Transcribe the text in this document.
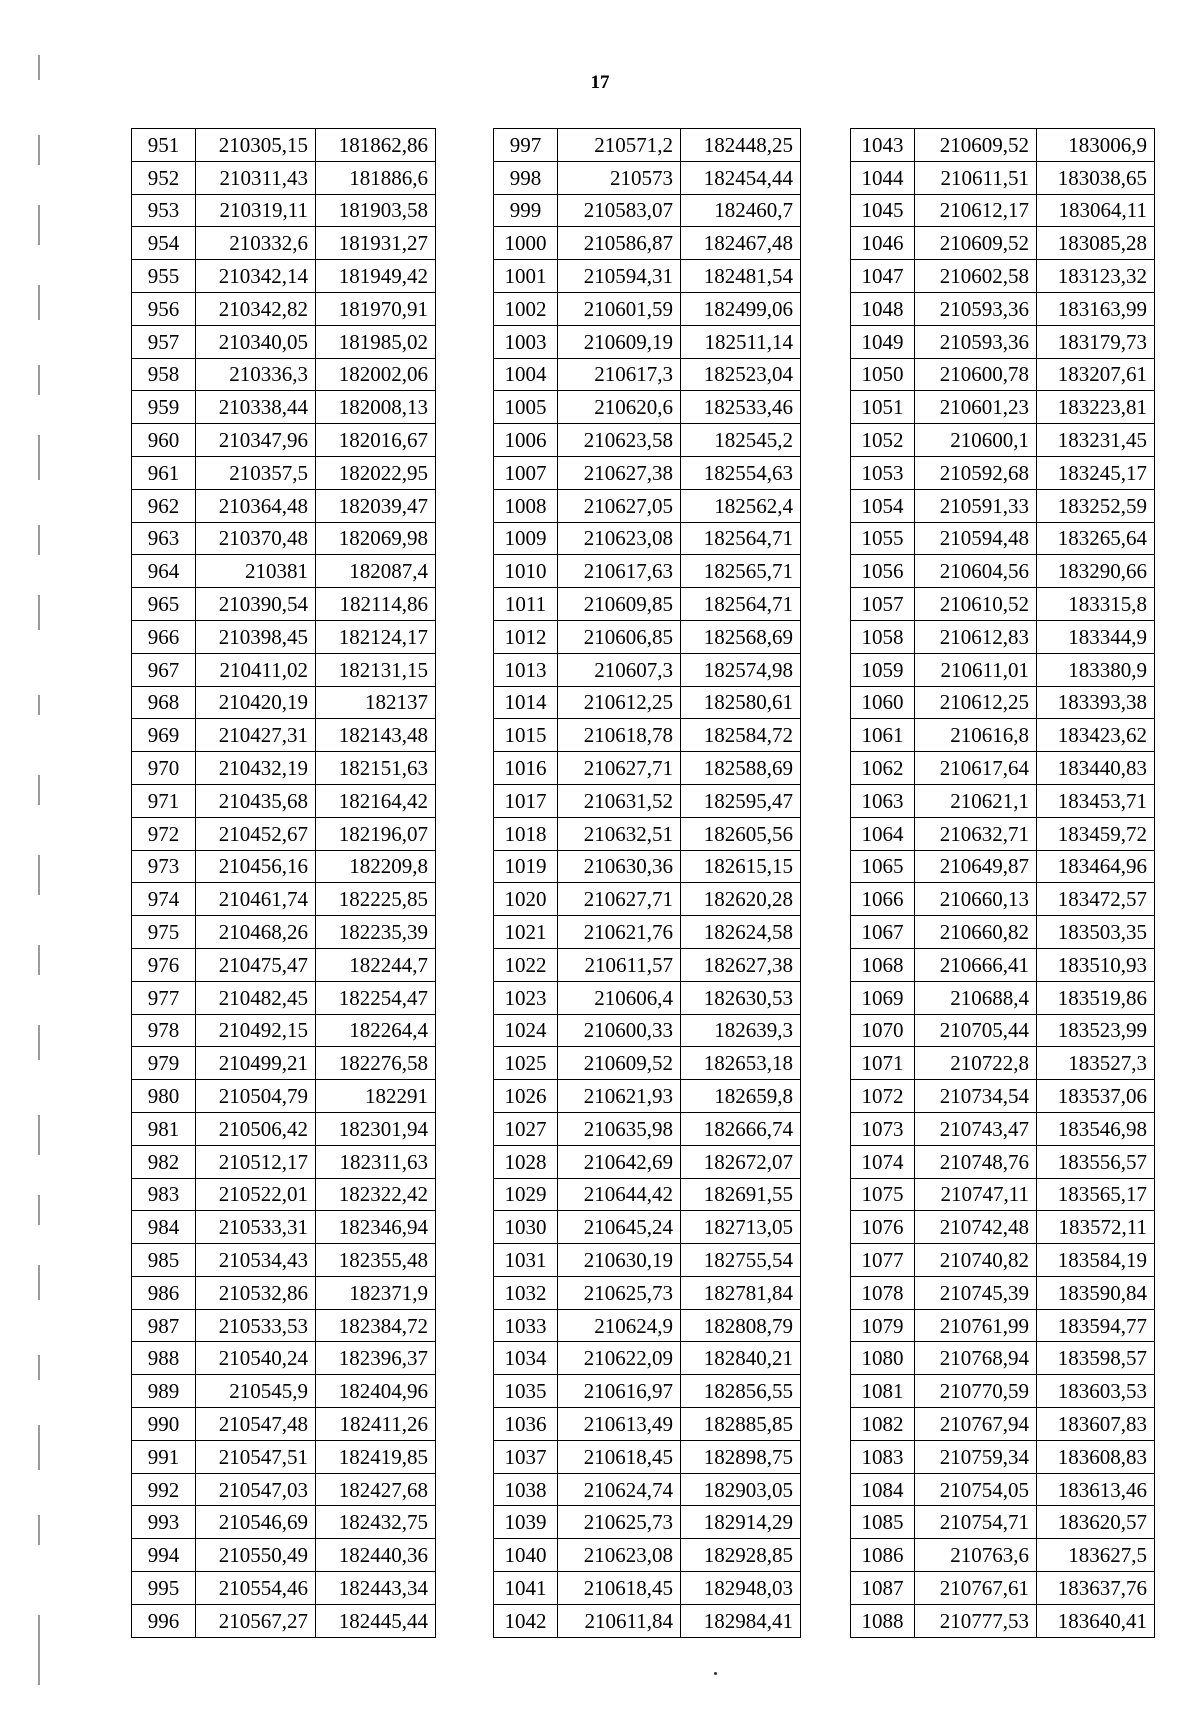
17
951	210305,15	181862,86
952	210311,43	181886,6
953	210319,11	181903,58
954	210332,6	181931,27
955	210342,14	181949,42
956	210342,82	181970,91
957	210340,05	181985,02
958	210336,3	182002,06
959	210338,44	182008,13
960	210347,96	182016,67
961	210357,5	182022,95
962	210364,48	182039,47
963	210370,48	182069,98
964	210381	182087,4
965	210390,54	182114,86
966	210398,45	182124,17
967	210411,02	182131,15
968	210420,19	182137
969	210427,31	182143,48
970	210432,19	182151,63
971	210435,68	182164,42
972	210452,67	182196,07
973	210456,16	182209,8
974	210461,74	182225,85
975	210468,26	182235,39
976	210475,47	182244,7
977	210482,45	182254,47
978	210492,15	182264,4
979	210499,21	182276,58
980	210504,79	182291
981	210506,42	182301,94
982	210512,17	182311,63
983	210522,01	182322,42
984	210533,31	182346,94
985	210534,43	182355,48
986	210532,86	182371,9
987	210533,53	182384,72
988	210540,24	182396,37
989	210545,9	182404,96
990	210547,48	182411,26
991	210547,51	182419,85
992	210547,03	182427,68
993	210546,69	182432,75
994	210550,49	182440,36
995	210554,46	182443,34
996	210567,27	182445,44
997	210571,2	182448,25
998	210573	182454,44
999	210583,07	182460,7
1000	210586,87	182467,48
1001	210594,31	182481,54
1002	210601,59	182499,06
1003	210609,19	182511,14
1004	210617,3	182523,04
1005	210620,6	182533,46
1006	210623,58	182545,2
1007	210627,38	182554,63
1008	210627,05	182562,4
1009	210623,08	182564,71
1010	210617,63	182565,71
1011	210609,85	182564,71
1012	210606,85	182568,69
1013	210607,3	182574,98
1014	210612,25	182580,61
1015	210618,78	182584,72
1016	210627,71	182588,69
1017	210631,52	182595,47
1018	210632,51	182605,56
1019	210630,36	182615,15
1020	210627,71	182620,28
1021	210621,76	182624,58
1022	210611,57	182627,38
1023	210606,4	182630,53
1024	210600,33	182639,3
1025	210609,52	182653,18
1026	210621,93	182659,8
1027	210635,98	182666,74
1028	210642,69	182672,07
1029	210644,42	182691,55
1030	210645,24	182713,05
1031	210630,19	182755,54
1032	210625,73	182781,84
1033	210624,9	182808,79
1034	210622,09	182840,21
1035	210616,97	182856,55
1036	210613,49	182885,85
1037	210618,45	182898,75
1038	210624,74	182903,05
1039	210625,73	182914,29
1040	210623,08	182928,85
1041	210618,45	182948,03
1042	210611,84	182984,41
1043	210609,52	183006,9
1044	210611,51	183038,65
1045	210612,17	183064,11
1046	210609,52	183085,28
1047	210602,58	183123,32
1048	210593,36	183163,99
1049	210593,36	183179,73
1050	210600,78	183207,61
1051	210601,23	183223,81
1052	210600,1	183231,45
1053	210592,68	183245,17
1054	210591,33	183252,59
1055	210594,48	183265,64
1056	210604,56	183290,66
1057	210610,52	183315,8
1058	210612,83	183344,9
1059	210611,01	183380,9
1060	210612,25	183393,38
1061	210616,8	183423,62
1062	210617,64	183440,83
1063	210621,1	183453,71
1064	210632,71	183459,72
1065	210649,87	183464,96
1066	210660,13	183472,57
1067	210660,82	183503,35
1068	210666,41	183510,93
1069	210688,4	183519,86
1070	210705,44	183523,99
1071	210722,8	183527,3
1072	210734,54	183537,06
1073	210743,47	183546,98
1074	210748,76	183556,57
1075	210747,11	183565,17
1076	210742,48	183572,11
1077	210740,82	183584,19
1078	210745,39	183590,84
1079	210761,99	183594,77
1080	210768,94	183598,57
1081	210770,59	183603,53
1082	210767,94	183607,83
1083	210759,34	183608,83
1084	210754,05	183613,46
1085	210754,71	183620,57
1086	210763,6	183627,5
1087	210767,61	183637,76
1088	210777,53	183640,41
